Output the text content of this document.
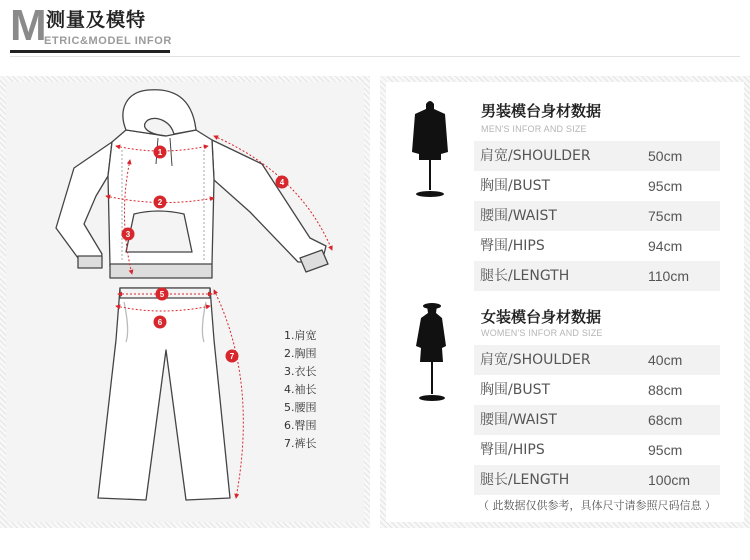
M 测量及模特
ETRIC&MODEL INFOR
1
2
3
4
5
6
7
1.肩宽
2.胸围
3.衣长
4.袖长
5.腰围
6.臀围
7.裤长
男装模台身材数据
MEN'S INFOR AND SIZE
肩宽/SHOULDER	50cm
胸围/BUST	95cm
腰围/WAIST	75cm
臀围/HIPS	94cm
腿长/LENGTH	110cm
女装模台身材数据
WOMEN'S INFOR AND SIZE
肩宽/SHOULDER	40cm
胸围/BUST	88cm
腰围/WAIST	68cm
臀围/HIPS	95cm
腿长/LENGTH	100cm
（ 此数据仅供参考，具体尺寸请参照尺码信息 ）
